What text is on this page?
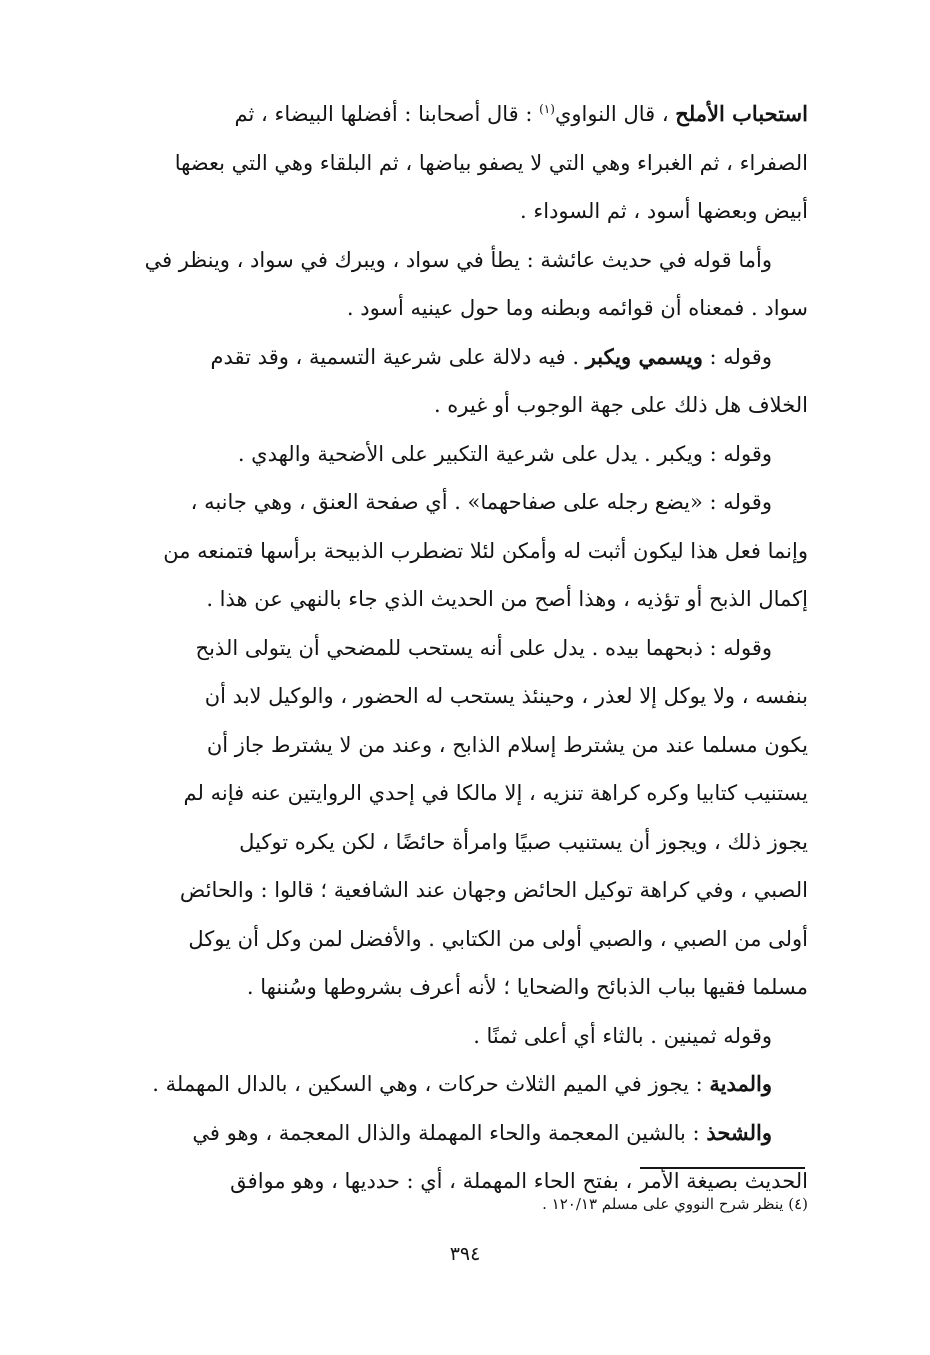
استحباب الأملح ، قال النواوي$^{(١)}$ : قال أصحابنا : أفضلها البيضاء ، ثم
الصفراء ، ثم الغبراء وهي التي لا يصفو بياضها ، ثم البلقاء وهي التي بعضها
أبيض وبعضها أسود ، ثم السوداء .
وأما قوله في حديث عائشة : يطأ في سواد ، ويبرك في سواد ، وينظر في
سواد . فمعناه أن قوائمه وبطنه وما حول عينيه أسود .
وقوله : ويسمي ويكبر . فيه دلالة على شرعية التسمية ، وقد تقدم
الخلاف هل ذلك على جهة الوجوب أو غيره .
وقوله : ويكبر . يدل على شرعية التكبير على الأضحية والهدي .
وقوله : «يضع رجله على صفاحهما» . أي صفحة العنق ، وهي جانبه ،
وإنما فعل هذا ليكون أثبت له وأمكن لئلا تضطرب الذبيحة برأسها فتمنعه من
إكمال الذبح أو تؤذيه ، وهذا أصح من الحديث الذي جاء بالنهي عن هذا .
وقوله : ذبحهما بيده . يدل على أنه يستحب للمضحي أن يتولى الذبح
بنفسه ، ولا يوكل إلا لعذر ، وحينئذ يستحب له الحضور ، والوكيل لابد أن
يكون مسلما عند من يشترط إسلام الذابح ، وعند من لا يشترط جاز أن
يستنيب كتابيا وكره كراهة تنزيه ، إلا مالكا في إحدي الروايتين عنه فإنه لم
يجوز ذلك ، ويجوز أن يستنيب صبيًا وامرأة حائضًا ، لكن يكره توكيل
الصبي ، وفي كراهة توكيل الحائض وجهان عند الشافعية ؛ قالوا : والحائض
أولى من الصبي ، والصبي أولى من الكتابي . والأفضل لمن وكل أن يوكل
مسلما فقيها بباب الذبائح والضحايا ؛ لأنه أعرف بشروطها وسُننها .
وقوله ثمينين . بالثاء أي أعلى ثمنًا .
والمدية : يجوز في الميم الثلاث حركات ، وهي السكين ، بالدال المهملة .
والشحذ : بالشين المعجمة والحاء المهملة والذال المعجمة ، وهو في
الحديث بصيغة الأمر ، بفتح الحاء المهملة ، أي : حدديها ، وهو موافق
(٤) ينظر شرح النووي على مسلم ١٢٠/١٣ .
٣٩٤
